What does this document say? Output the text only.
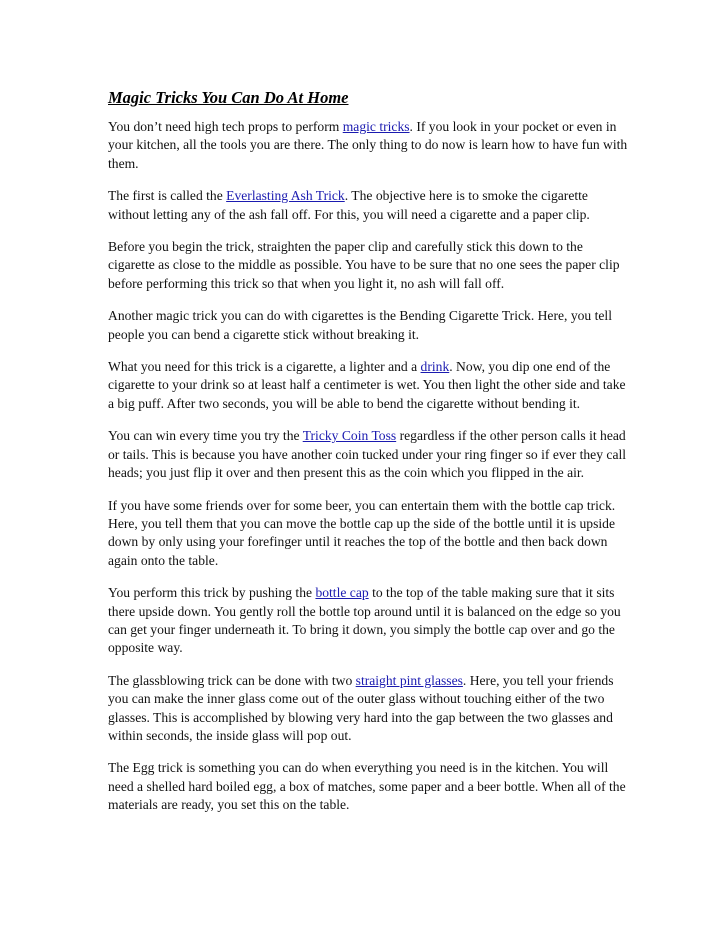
Magic Tricks You Can Do At Home

You don’t need high tech props to perform magic tricks. If you look in your pocket or even in your kitchen, all the tools you are there. The only thing to do now is learn how to have fun with them.

The first is called the Everlasting Ash Trick. The objective here is to smoke the cigarette without letting any of the ash fall off. For this, you will need a cigarette and a paper clip.

Before you begin the trick, straighten the paper clip and carefully stick this down to the cigarette as close to the middle as possible. You have to be sure that no one sees the paper clip before performing this trick so that when you light it, no ash will fall off.

Another magic trick you can do with cigarettes is the Bending Cigarette Trick. Here, you tell people you can bend a cigarette stick without breaking it.

What you need for this trick is a cigarette, a lighter and a drink. Now, you dip one end of the cigarette to your drink so at least half a centimeter is wet. You then light the other side and take a big puff. After two seconds, you will be able to bend the cigarette without bending it.

You can win every time you try the Tricky Coin Toss regardless if the other person calls it head or tails. This is because you have another coin tucked under your ring finger so if ever they call heads; you just flip it over and then present this as the coin which you flipped in the air.

If you have some friends over for some beer, you can entertain them with the bottle cap trick. Here, you tell them that you can move the bottle cap up the side of the bottle until it is upside down by only using your forefinger until it reaches the top of the bottle and then back down again onto the table.

You perform this trick by pushing the bottle cap to the top of the table making sure that it sits there upside down. You gently roll the bottle top around until it is balanced on the edge so you can get your finger underneath it. To bring it down, you simply the bottle cap over and go the opposite way.

The glassblowing trick can be done with two straight pint glasses. Here, you tell your friends you can make the inner glass come out of the outer glass without touching either of the two glasses. This is accomplished by blowing very hard into the gap between the two glasses and within seconds, the inside glass will pop out.

The Egg trick is something you can do when everything you need is in the kitchen. You will need a shelled hard boiled egg, a box of matches, some paper and a beer bottle. When all of the materials are ready, you set this on the table.
